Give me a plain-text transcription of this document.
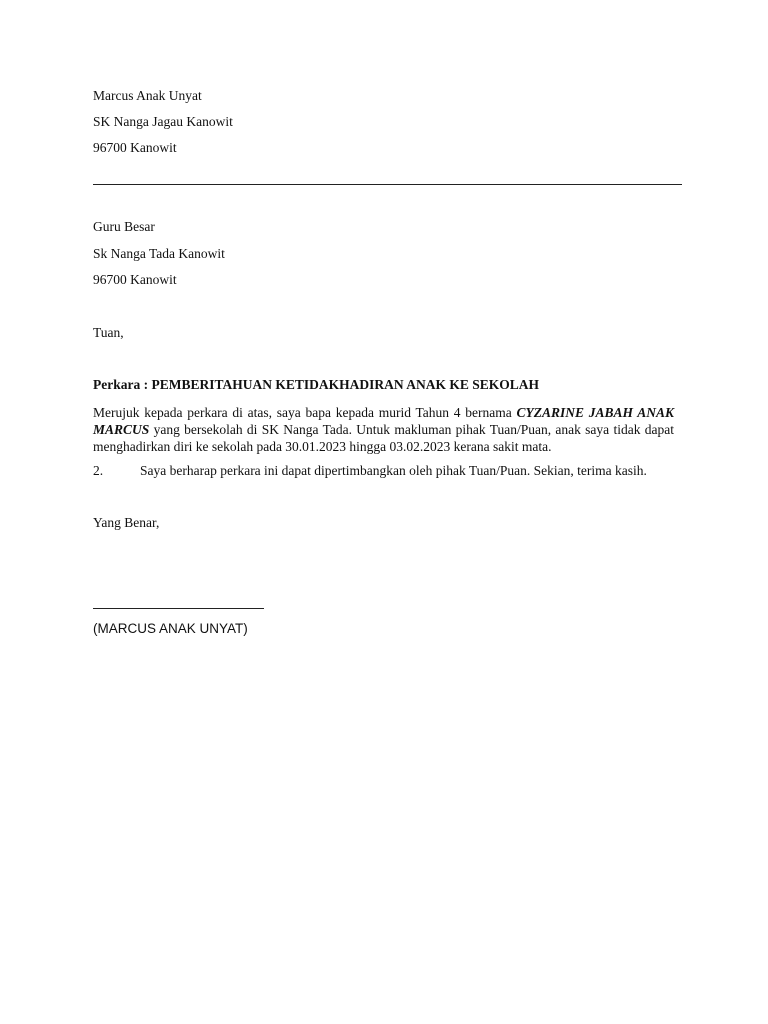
Marcus Anak Unyat
SK Nanga Jagau Kanowit
96700 Kanowit
Guru Besar
Sk Nanga Tada Kanowit
96700 Kanowit
Tuan,
Perkara : PEMBERITAHUAN KETIDAKHADIRAN ANAK KE SEKOLAH
Merujuk kepada perkara di atas, saya bapa kepada murid Tahun 4 bernama CYZARINE JABAH ANAK MARCUS yang bersekolah di SK Nanga Tada. Untuk makluman pihak Tuan/Puan, anak saya tidak dapat menghadirkan diri ke sekolah pada 30.01.2023 hingga 03.02.2023 kerana sakit mata.
2.	Saya berharap perkara ini dapat dipertimbangkan oleh pihak Tuan/Puan. Sekian, terima kasih.
Yang Benar,
(MARCUS ANAK UNYAT)
